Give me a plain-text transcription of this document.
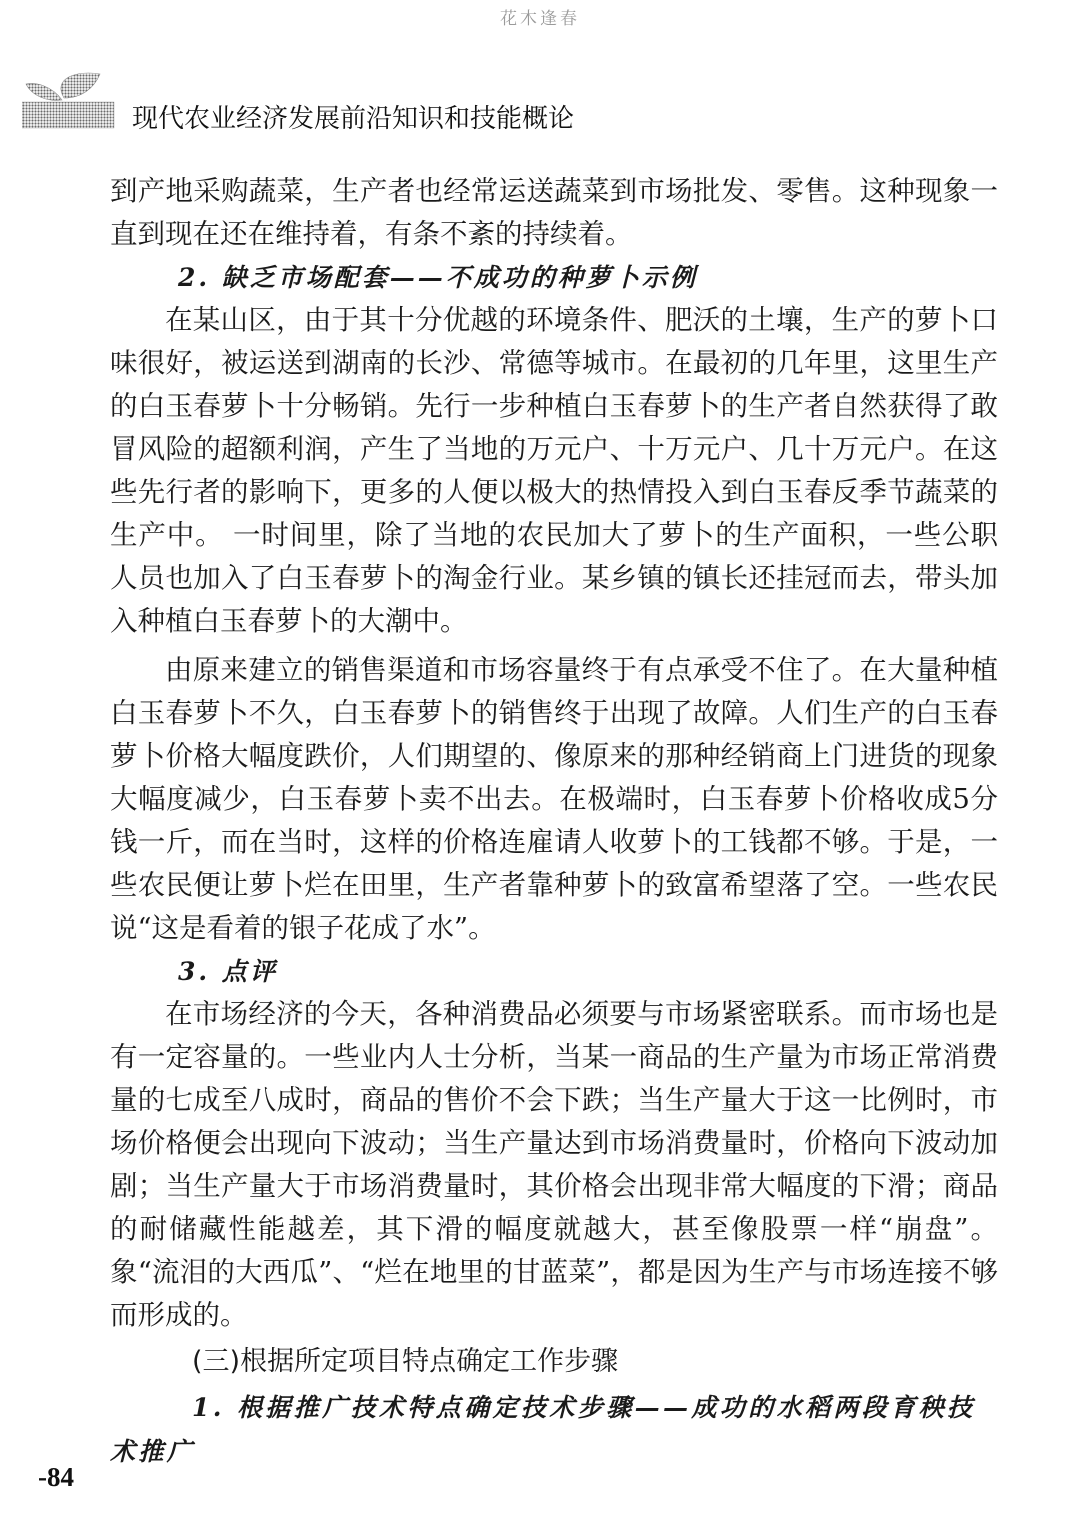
花木逢春
现代农业经济发展前沿知识和技能概论

到产地采购蔬菜，生产者也经常运送蔬菜到市场批发、零售。这种现象一直到现在还在维持着，有条不紊的持续着。

2. 缺乏市场配套——不成功的种萝卜示例

在某山区，由于其十分优越的环境条件、肥沃的土壤，生产的萝卜口味很好，被运送到湖南的长沙、常德等城市。在最初的几年里，这里生产的白玉春萝卜十分畅销。先行一步种植白玉春萝卜的生产者自然获得了敢冒风险的超额利润，产生了当地的万元户、十万元户、几十万元户。在这些先行者的影响下，更多的人便以极大的热情投入到白玉春反季节蔬菜的生产中。 一时间里，除了当地的农民加大了萝卜的生产面积，一些公职人员也加入了白玉春萝卜的淘金行业。某乡镇的镇长还挂冠而去，带头加入种植白玉春萝卜的大潮中。

由原来建立的销售渠道和市场容量终于有点承受不住了。在大量种植白玉春萝卜不久，白玉春萝卜的销售终于出现了故障。人们生产的白玉春萝卜价格大幅度跌价，人们期望的、像原来的那种经销商上门进货的现象大幅度减少，白玉春萝卜卖不出去。在极端时，白玉春萝卜价格收成5分钱一斤，而在当时，这样的价格连雇请人收萝卜的工钱都不够。于是，一些农民便让萝卜烂在田里，生产者靠种萝卜的致富希望落了空。一些农民说“这是看着的银子花成了水”。

3. 点评

在市场经济的今天，各种消费品必须要与市场紧密联系。而市场也是有一定容量的。一些业内人士分析，当某一商品的生产量为市场正常消费量的七成至八成时，商品的售价不会下跌；当生产量大于这一比例时，市场价格便会出现向下波动；当生产量达到市场消费量时，价格向下波动加剧；当生产量大于市场消费量时，其价格会出现非常大幅度的下滑；商品的耐储藏性能越差，其下滑的幅度就越大，甚至像股票一样“崩盘”。象“流泪的大西瓜”、“烂在地里的甘蓝菜”，都是因为生产与市场连接不够而形成的。

(三)根据所定项目特点确定工作步骤
1. 根据推广技术特点确定技术步骤——成功的水稻两段育秧技术推广
-84
